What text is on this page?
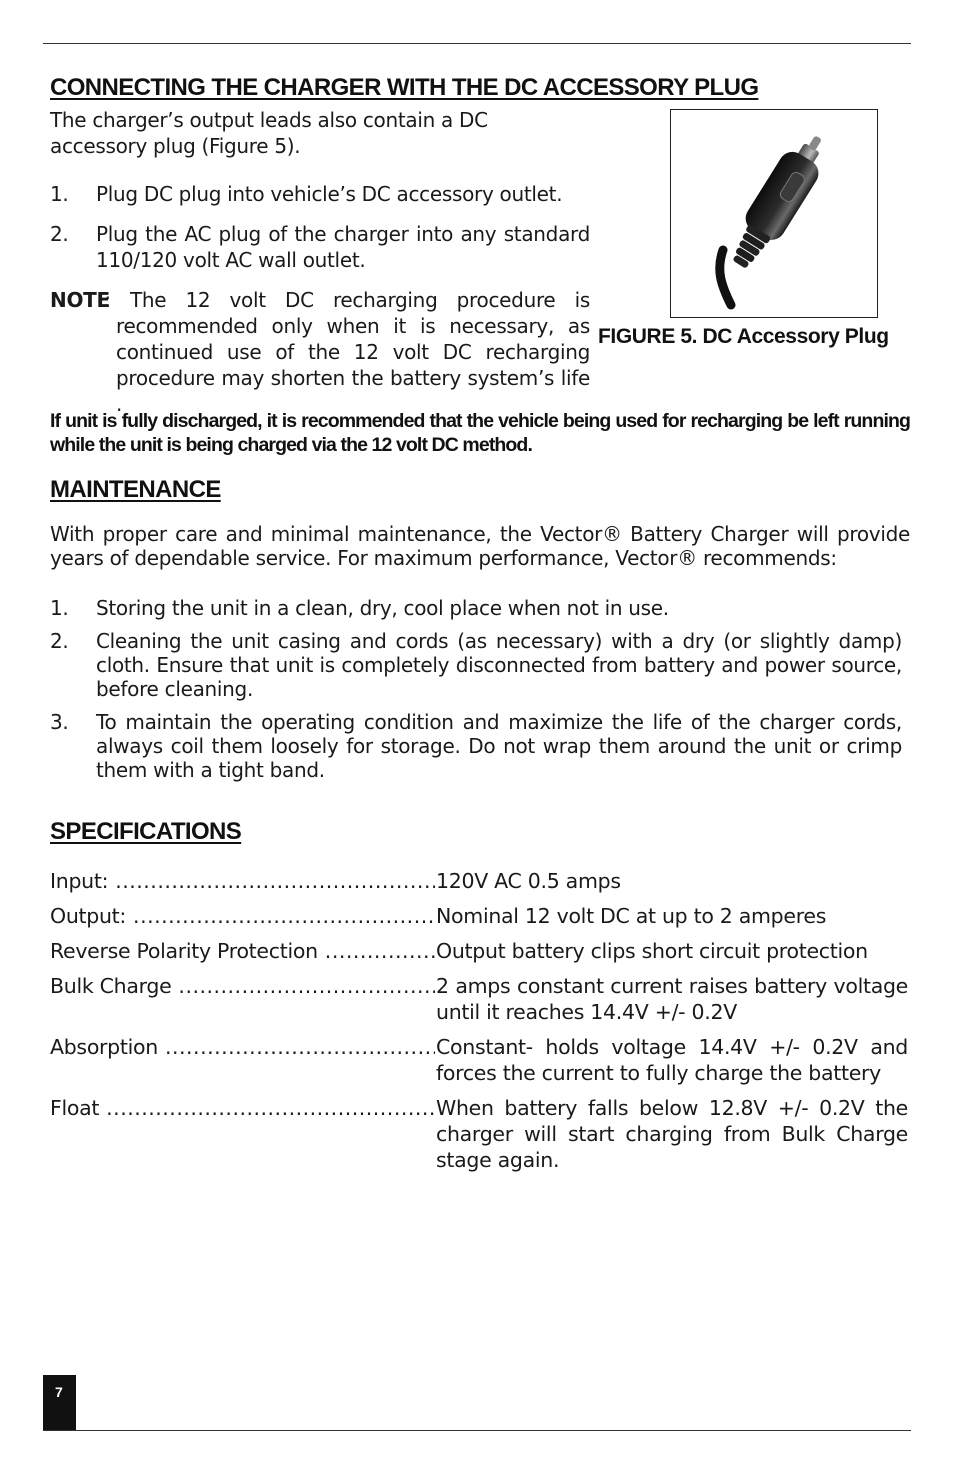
CONNECTING THE CHARGER WITH THE DC ACCESSORY PLUG

The charger’s output leads also contain a DC accessory plug (Figure 5).

1. Plug DC plug into vehicle’s DC accessory outlet.
2. Plug the AC plug of the charger into any standard 110/120 volt AC wall outlet.

NOTE
: The 12 volt DC recharging procedure is recommended only when it is necessary, as continued use of the 12 volt DC recharging procedure may shorten the battery system’s life .

FIGURE 5. DC Accessory Plug

If unit is fully discharged, it is recommended that the vehicle being used for recharging be left running while the unit is being charged via the 12 volt DC method.

MAINTENANCE

With proper care and minimal maintenance, the Vector® Battery Charger will provide years of dependable service. For maximum performance, Vector® recommends:

1. Storing the unit in a clean, dry, cool place when not in use.
2. Cleaning the unit casing and cords (as necessary) with a dry (or slightly damp) cloth. Ensure that unit is completely disconnected from battery and power source, before cleaning.
3. To maintain the operating condition and maximize the life of the charger cords, always coil them loosely for storage. Do not wrap them around the unit or crimp them with a tight band.
SPECIFICATIONS
Input: .....	120V AC 0.5 amps
Output: .....	Nominal 12 volt DC at up to 2 amperes
Reverse Polarity Protection .....	Output battery clips short circuit protection
Bulk Charge .....	2 amps constant current raises battery voltage until it reaches 14.4V +/- 0.2V
Absorption .....	Constant- holds voltage 14.4V +/- 0.2V and forces the current to fully charge the battery
Float .....	When battery falls below 12.8V +/- 0.2V the charger will start charging from Bulk Charge stage again.
7
